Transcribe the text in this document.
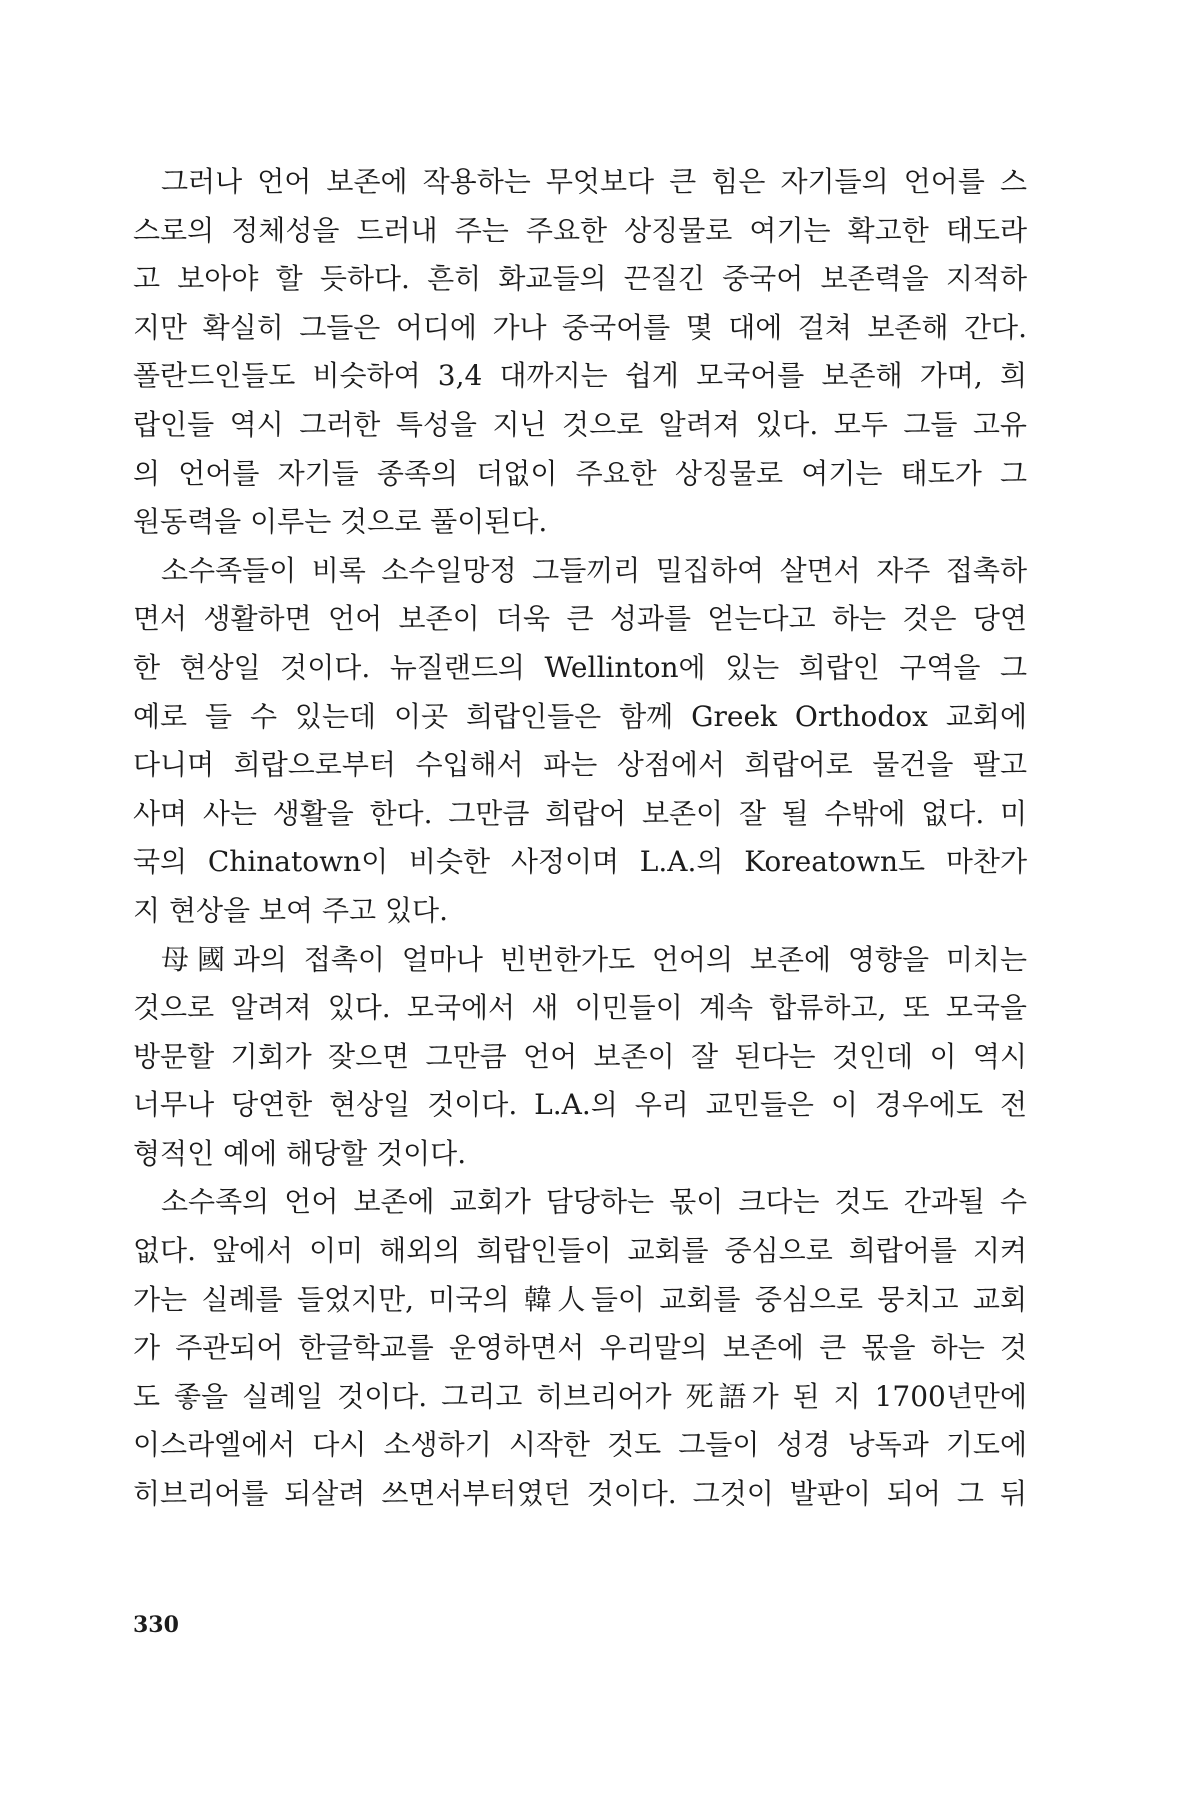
그러나 언어 보존에 작용하는 무엇보다 큰 힘은 자기들의 언어를 스
스로의 정체성을 드러내 주는 주요한 상징물로 여기는 확고한 태도라
고 보아야 할 듯하다. 흔히 화교들의 끈질긴 중국어 보존력을 지적하
지만 확실히 그들은 어디에 가나 중국어를 몇 대에 걸쳐 보존해 간다.
폴란드인들도 비슷하여 3,4 대까지는 쉽게 모국어를 보존해 가며, 희
랍인들 역시 그러한 특성을 지닌 것으로 알려져 있다. 모두 그들 고유
의 언어를 자기들 종족의 더없이 주요한 상징물로 여기는 태도가 그
원동력을 이루는 것으로 풀이된다.
소수족들이 비록 소수일망정 그들끼리 밀집하여 살면서 자주 접촉하
면서 생활하면 언어 보존이 더욱 큰 성과를 얻는다고 하는 것은 당연
한 현상일 것이다. 뉴질랜드의 Wellinton에 있는 희랍인 구역을 그
예로 들 수 있는데 이곳 희랍인들은 함께 Greek Orthodox 교회에
다니며 희랍으로부터 수입해서 파는 상점에서 희랍어로 물건을 팔고
사며 사는 생활을 한다. 그만큼 희랍어 보존이 잘 될 수밖에 없다. 미
국의 Chinatown이 비슷한 사정이며 L.A.의 Koreatown도 마찬가
지 현상을 보여 주고 있다.
母國과의 접촉이 얼마나 빈번한가도 언어의 보존에 영향을 미치는
것으로 알려져 있다. 모국에서 새 이민들이 계속 합류하고, 또 모국을
방문할 기회가 잦으면 그만큼 언어 보존이 잘 된다는 것인데 이 역시
너무나 당연한 현상일 것이다. L.A.의 우리 교민들은 이 경우에도 전
형적인 예에 해당할 것이다.
소수족의 언어 보존에 교회가 담당하는 몫이 크다는 것도 간과될 수
없다. 앞에서 이미 해외의 희랍인들이 교회를 중심으로 희랍어를 지켜
가는 실례를 들었지만, 미국의 韓人들이 교회를 중심으로 뭉치고 교회
가 주관되어 한글학교를 운영하면서 우리말의 보존에 큰 몫을 하는 것
도 좋을 실례일 것이다. 그리고 히브리어가 死語가 된 지 1700년만에
이스라엘에서 다시 소생하기 시작한 것도 그들이 성경 낭독과 기도에
히브리어를 되살려 쓰면서부터였던 것이다. 그것이 발판이 되어 그 뒤
330
